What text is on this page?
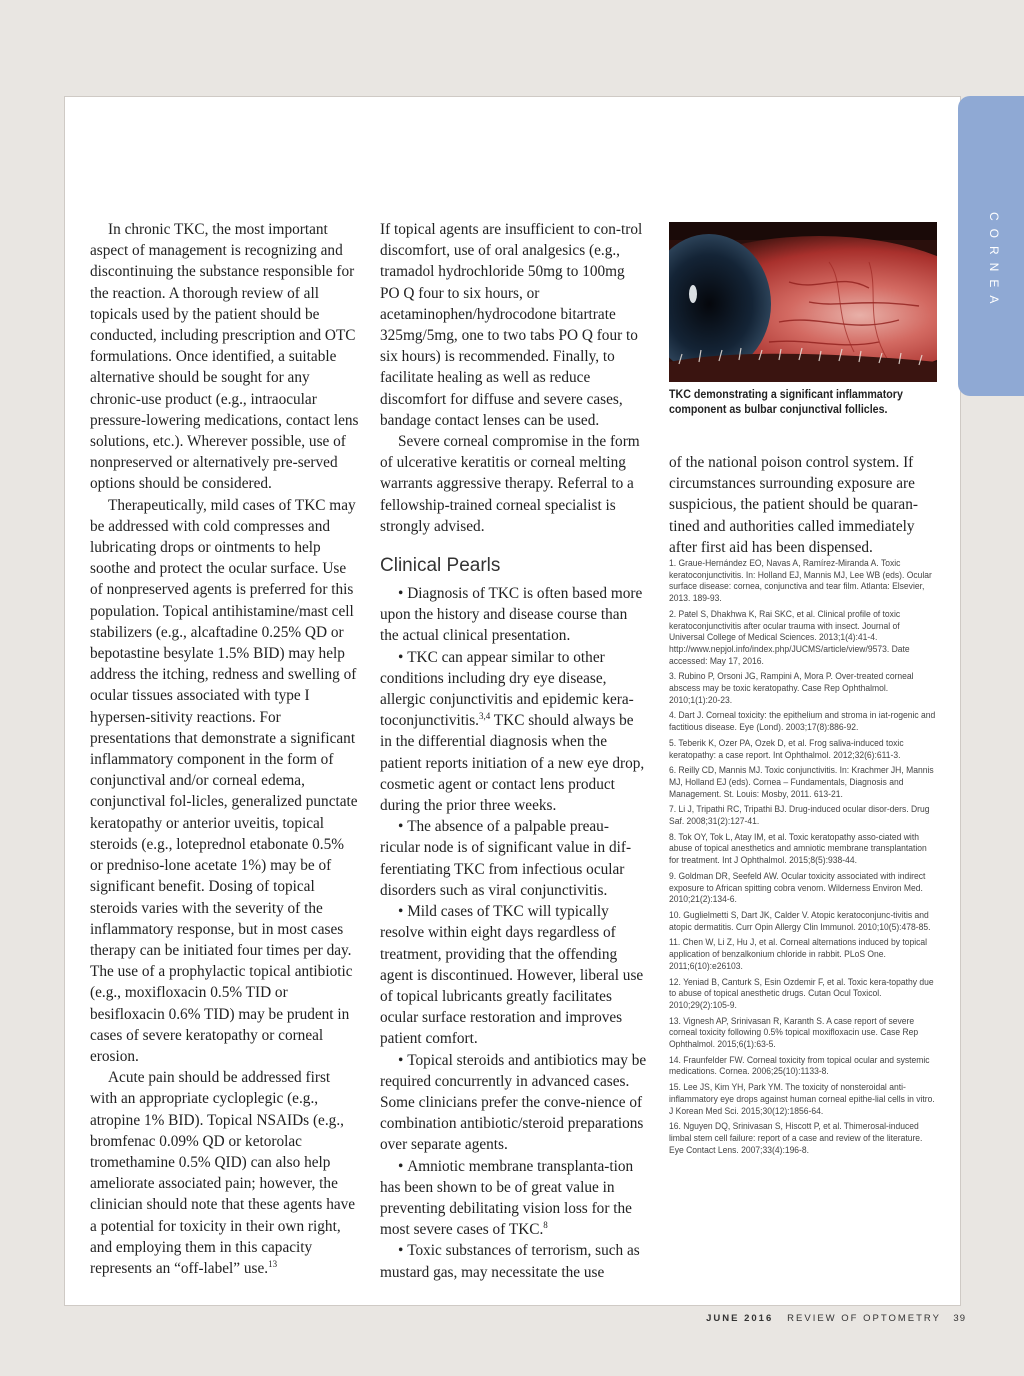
CORNEA

In chronic TKC, the most important aspect of management is recognizing and discontinuing the substance responsible for the reaction. A thorough review of all topicals used by the patient should be conducted, including prescription and OTC formulations. Once identified, a suitable alternative should be sought for any chronic-use product (e.g., intraocular pressure-lowering medications, contact lens solutions, etc.). Wherever possible, use of nonpreserved or alternatively pre-served options should be considered.

Therapeutically, mild cases of TKC may be addressed with cold compresses and lubricating drops or ointments to help soothe and protect the ocular surface. Use of nonpreserved agents is preferred for this population. Topical antihistamine/mast cell stabilizers (e.g., alcaftadine 0.25% QD or bepotastine besylate 1.5% BID) may help address the itching, redness and swelling of ocular tissues associated with type I hypersen-sitivity reactions. For presentations that demonstrate a significant inflammatory component in the form of conjunctival and/or corneal edema, conjunctival fol-licles, generalized punctate keratopathy or anterior uveitis, topical steroids (e.g., loteprednol etabonate 0.5% or predniso-lone acetate 1%) may be of significant benefit. Dosing of topical steroids varies with the severity of the inflammatory response, but in most cases therapy can be initiated four times per day. The use of a prophylactic topical antibiotic (e.g., moxifloxacin 0.5% TID or besifloxacin 0.6% TID) may be prudent in cases of severe keratopathy or corneal erosion.

Acute pain should be addressed first with an appropriate cycloplegic (e.g., atropine 1% BID). Topical NSAIDs (e.g., bromfenac 0.09% QD or ketorolac tromethamine 0.5% QID) can also help ameliorate associated pain; however, the clinician should note that these agents have a potential for toxicity in their own right, and employing them in this capacity represents an “off-label” use.$^{13}$

If topical agents are insufficient to con-trol discomfort, use of oral analgesics (e.g., tramadol hydrochloride 50mg to 100mg PO Q four to six hours, or acetaminophen/hydrocodone bitartrate 325mg/5mg, one to two tabs PO Q four to six hours) is recommended. Finally, to facilitate healing as well as reduce discomfort for diffuse and severe cases, bandage contact lenses can be used.

Severe corneal compromise in the form of ulcerative keratitis or corneal melting warrants aggressive therapy. Referral to a fellowship-trained corneal specialist is strongly advised.

Clinical Pearls

• Diagnosis of TKC is often based more upon the history and disease course than the actual clinical presentation.

• TKC can appear similar to other conditions including dry eye disease, allergic conjunctivitis and epidemic kera-toconjunctivitis.$^{3,4}$ TKC should always be in the differential diagnosis when the patient reports initiation of a new eye drop, cosmetic agent or contact lens product during the prior three weeks.

• The absence of a palpable preau-ricular node is of significant value in dif-ferentiating TKC from infectious ocular disorders such as viral conjunctivitis.

• Mild cases of TKC will typically resolve within eight days regardless of treatment, providing that the offending agent is discontinued. However, liberal use of topical lubricants greatly facilitates ocular surface restoration and improves patient comfort.

• Topical steroids and antibiotics may be required concurrently in advanced cases. Some clinicians prefer the conve-nience of combination antibiotic/steroid preparations over separate agents.

• Amniotic membrane transplanta-tion has been shown to be of great value in preventing debilitating vision loss for the most severe cases of TKC.$^8$

• Toxic substances of terrorism, such as mustard gas, may necessitate the use

TKC demonstrating a significant inflammatory component as bulbar conjunctival follicles.

of the national poison control system. If circumstances surrounding exposure are suspicious, the patient should be quaran-tined and authorities called immediately after first aid has been dispensed.

1. Graue-Hernández EO, Navas A, Ramírez-Miranda A. Toxic keratoconjunctivitis. In: Holland EJ, Mannis MJ, Lee WB (eds). Ocular surface disease: cornea, conjunctiva and tear film. Atlanta: Elsevier, 2013. 189-93.

2. Patel S, Dhakhwa K, Rai SKC, et al. Clinical profile of toxic keratoconjunctivitis after ocular trauma with insect. Journal of Universal College of Medical Sciences. 2013;1(4):41-4. http://www.nepjol.info/index.php/JUCMS/article/view/9573. Date accessed: May 17, 2016.

3. Rubino P, Orsoni JG, Rampini A, Mora P. Over-treated corneal abscess may be toxic keratopathy. Case Rep Ophthalmol. 2010;1(1):20-23.

4. Dart J. Corneal toxicity: the epithelium and stroma in iat-rogenic and factitious disease. Eye (Lond). 2003;17(8):886-92.

5. Teberik K, Ozer PA, Ozek D, et al. Frog saliva-induced toxic keratopathy: a case report. Int Ophthalmol. 2012;32(6):611-3.

6. Reilly CD, Mannis MJ. Toxic conjunctivitis. In: Krachmer JH, Mannis MJ, Holland EJ (eds). Cornea – Fundamentals, Diagnosis and Management. St. Louis: Mosby, 2011. 613-21.

7. Li J, Tripathi RC, Tripathi BJ. Drug-induced ocular disor-ders. Drug Saf. 2008;31(2):127-41.

8. Tok OY, Tok L, Atay IM, et al. Toxic keratopathy asso-ciated with abuse of topical anesthetics and amniotic membrane transplantation for treatment. Int J Ophthalmol. 2015;8(5):938-44.

9. Goldman DR, Seefeld AW. Ocular toxicity associated with indirect exposure to African spitting cobra venom. Wilderness Environ Med. 2010;21(2):134-6.

10. Guglielmetti S, Dart JK, Calder V. Atopic keratoconjunc-tivitis and atopic dermatitis. Curr Opin Allergy Clin Immunol. 2010;10(5):478-85.

11. Chen W, Li Z, Hu J, et al. Corneal alternations induced by topical application of benzalkonium chloride in rabbit. PLoS One. 2011;6(10):e26103.

12. Yeniad B, Canturk S, Esin Ozdemir F, et al. Toxic kera-topathy due to abuse of topical anesthetic drugs. Cutan Ocul Toxicol. 2010;29(2):105-9.

13. Vignesh AP, Srinivasan R, Karanth S. A case report of severe corneal toxicity following 0.5% topical moxifloxacin use. Case Rep Ophthalmol. 2015;6(1):63-5.

14. Fraunfelder FW. Corneal toxicity from topical ocular and systemic medications. Cornea. 2006;25(10):1133-8.

15. Lee JS, Kim YH, Park YM. The toxicity of nonsteroidal anti-inflammatory eye drops against human corneal epithe-lial cells in vitro. J Korean Med Sci. 2015;30(12):1856-64.

16. Nguyen DQ, Srinivasan S, Hiscott P, et al. Thimerosal-induced limbal stem cell failure: report of a case and review of the literature. Eye Contact Lens. 2007;33(4):196-8.

JUNE 2016 REVIEW OF OPTOMETRY 39
